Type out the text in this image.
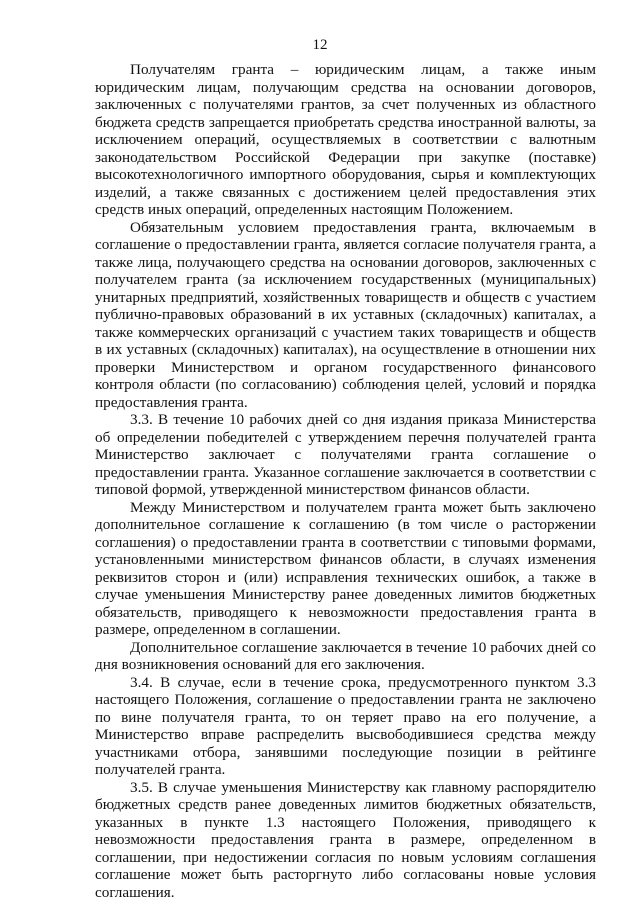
12

Получателям гранта – юридическим лицам, а также иным юридическим лицам, получающим средства на основании договоров, заключенных с получателями грантов, за счет полученных из областного бюджета средств запрещается приобретать средства иностранной валюты, за исключением операций, осуществляемых в соответствии с валютным законодательством Российской Федерации при закупке (поставке) высокотехнологичного импортного оборудования, сырья и комплектующих изделий, а также связанных с достижением целей предоставления этих средств иных операций, определенных настоящим Положением.

Обязательным условием предоставления гранта, включаемым в соглашение о предоставлении гранта, является согласие получателя гранта, а также лица, получающего средства на основании договоров, заключенных с получателем гранта (за исключением государственных (муниципальных) унитарных предприятий, хозяйственных товариществ и обществ с участием публично-правовых образований в их уставных (складочных) капиталах, а также коммерческих организаций с участием таких товариществ и обществ в их уставных (складочных) капиталах), на осуществление в отношении них проверки Министерством и органом государственного финансового контроля области (по согласованию) соблюдения целей, условий и порядка предоставления гранта.

3.3. В течение 10 рабочих дней со дня издания приказа Министерства об определении победителей с утверждением перечня получателей гранта Министерство заключает с получателями гранта соглашение о предоставлении гранта. Указанное соглашение заключается в соответствии с типовой формой, утвержденной министерством финансов области.

Между Министерством и получателем гранта может быть заключено дополнительное соглашение к соглашению (в том числе о расторжении соглашения) о предоставлении гранта в соответствии с типовыми формами, установленными министерством финансов области, в случаях изменения реквизитов сторон и (или) исправления технических ошибок, а также в случае уменьшения Министерству ранее доведенных лимитов бюджетных обязательств, приводящего к невозможности предоставления гранта в размере, определенном в соглашении.

Дополнительное соглашение заключается в течение 10 рабочих дней со дня возникновения оснований для его заключения.

3.4. В случае, если в течение срока, предусмотренного пунктом 3.3 настоящего Положения, соглашение о предоставлении гранта не заключено по вине получателя гранта, то он теряет право на его получение, а Министерство вправе распределить высвободившиеся средства между участниками отбора, занявшими последующие позиции в рейтинге получателей гранта.

3.5. В случае уменьшения Министерству как главному распорядителю бюджетных средств ранее доведенных лимитов бюджетных обязательств, указанных в пункте 1.3 настоящего Положения, приводящего к невозможности предоставления гранта в размере, определенном в соглашении, при недостижении согласия по новым условиям соглашения соглашение может быть расторгнуто либо согласованы новые условия соглашения.
